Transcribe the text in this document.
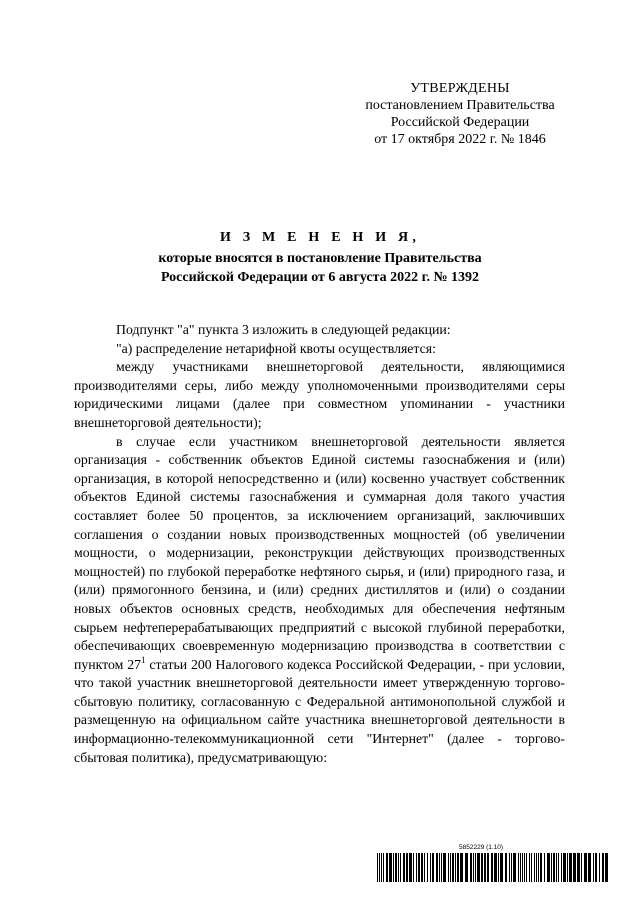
УТВЕРЖДЕНЫ
постановлением Правительства
Российской Федерации
от 17 октября 2022 г. № 1846
И З М Е Н Е Н И Я,
которые вносятся в постановление Правительства
Российской Федерации от 6 августа 2022 г. № 1392

Подпункт "а" пункта 3 изложить в следующей редакции:

"а) распределение нетарифной квоты осуществляется:

между участниками внешнеторговой деятельности, являющимися производителями серы, либо между уполномоченными производителями серы юридическими лицами (далее при совместном упоминании - участники внешнеторговой деятельности);

в случае если участником внешнеторговой деятельности является организация - собственник объектов Единой системы газоснабжения и (или) организация, в которой непосредственно и (или) косвенно участвует собственник объектов Единой системы газоснабжения и суммарная доля такого участия составляет более 50 процентов, за исключением организаций, заключивших соглашения о создании новых производственных мощностей (об увеличении мощности, о модернизации, реконструкции действующих производственных мощностей) по глубокой переработке нефтяного сырья, и (или) природного газа, и (или) прямогонного бензина, и (или) средних дистиллятов и (или) о создании новых объектов основных средств, необходимых для обеспечения нефтяным сырьем нефтеперерабатывающих предприятий с высокой глубиной переработки, обеспечивающих своевременную модернизацию производства в соответствии с пунктом $27^1$ статьи 200 Налогового кодекса Российской Федерации, - при условии, что такой участник внешнеторговой деятельности имеет утвержденную торгово-сбытовую политику, согласованную с Федеральной антимонопольной службой и размещенную на официальном сайте участника внешнеторговой деятельности в информационно-телекоммуникационной сети "Интернет" (далее - торгово-сбытовая политика), предусматривающую:

5852229 (1.10)
